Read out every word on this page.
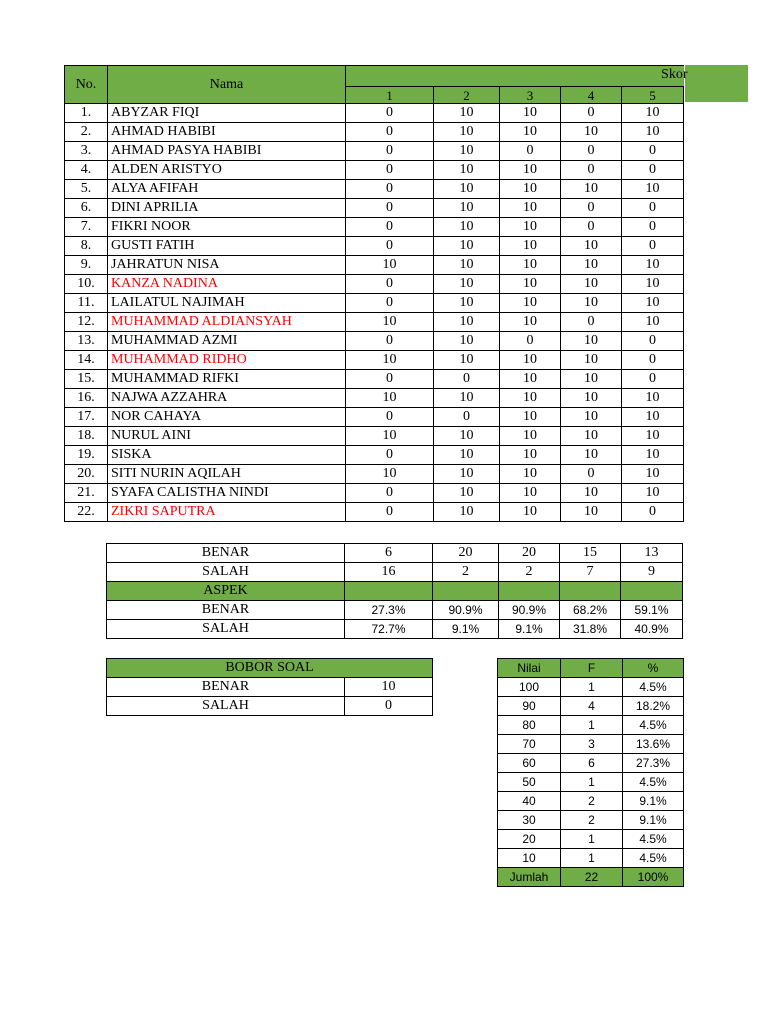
No.	Nama	Skor				

		1	2	3	4	5
1.	ABYZAR FIQI	0	10	10	0	10
2.	AHMAD HABIBI	0	10	10	10	10
3.	AHMAD PASYA HABIBI	0	10	0	0	0
4.	ALDEN ARISTYO	0	10	10	0	0
5.	ALYA AFIFAH	0	10	10	10	10
6.	DINI APRILIA	0	10	10	0	0
7.	FIKRI NOOR	0	10	10	0	0
8.	GUSTI FATIH	0	10	10	10	0
9.	JAHRATUN NISA	10	10	10	10	10
10.	KANZA NADINA	0	10	10	10	10
11.	LAILATUL NAJIMAH	0	10	10	10	10
12.	MUHAMMAD ALDIANSYAH	10	10	10	0	10
13.	MUHAMMAD AZMI	0	10	0	10	0
14.	MUHAMMAD RIDHO	10	10	10	10	0
15.	MUHAMMAD RIFKI	0	0	10	10	0
16.	NAJWA AZZAHRA	10	10	10	10	10
17.	NOR CAHAYA	0	0	10	10	10
18.	NURUL AINI	10	10	10	10	10
19.	SISKA	0	10	10	10	10
20.	SITI NURIN AQILAH	10	10	10	0	10
21.	SYAFA CALISTHA NINDI	0	10	10	10	10
22.	ZIKRI SAPUTRA	0	10	10	10	0
BENAR	6	20	20	15	13
SALAH	16	2	2	7	9
ASPEK					
BENAR	27.3%	90.9%	90.9%	68.2%	59.1%
SALAH	72.7%	9.1%	9.1%	31.8%	40.9%
BOBOR SOAL	
BENAR	10
SALAH	0
Nilai	F	%
100	1	4.5%
90	4	18.2%
80	1	4.5%
70	3	13.6%
60	6	27.3%
50	1	4.5%
40	2	9.1%
30	2	9.1%
20	1	4.5%
10	1	4.5%
Jumlah	22	100%
